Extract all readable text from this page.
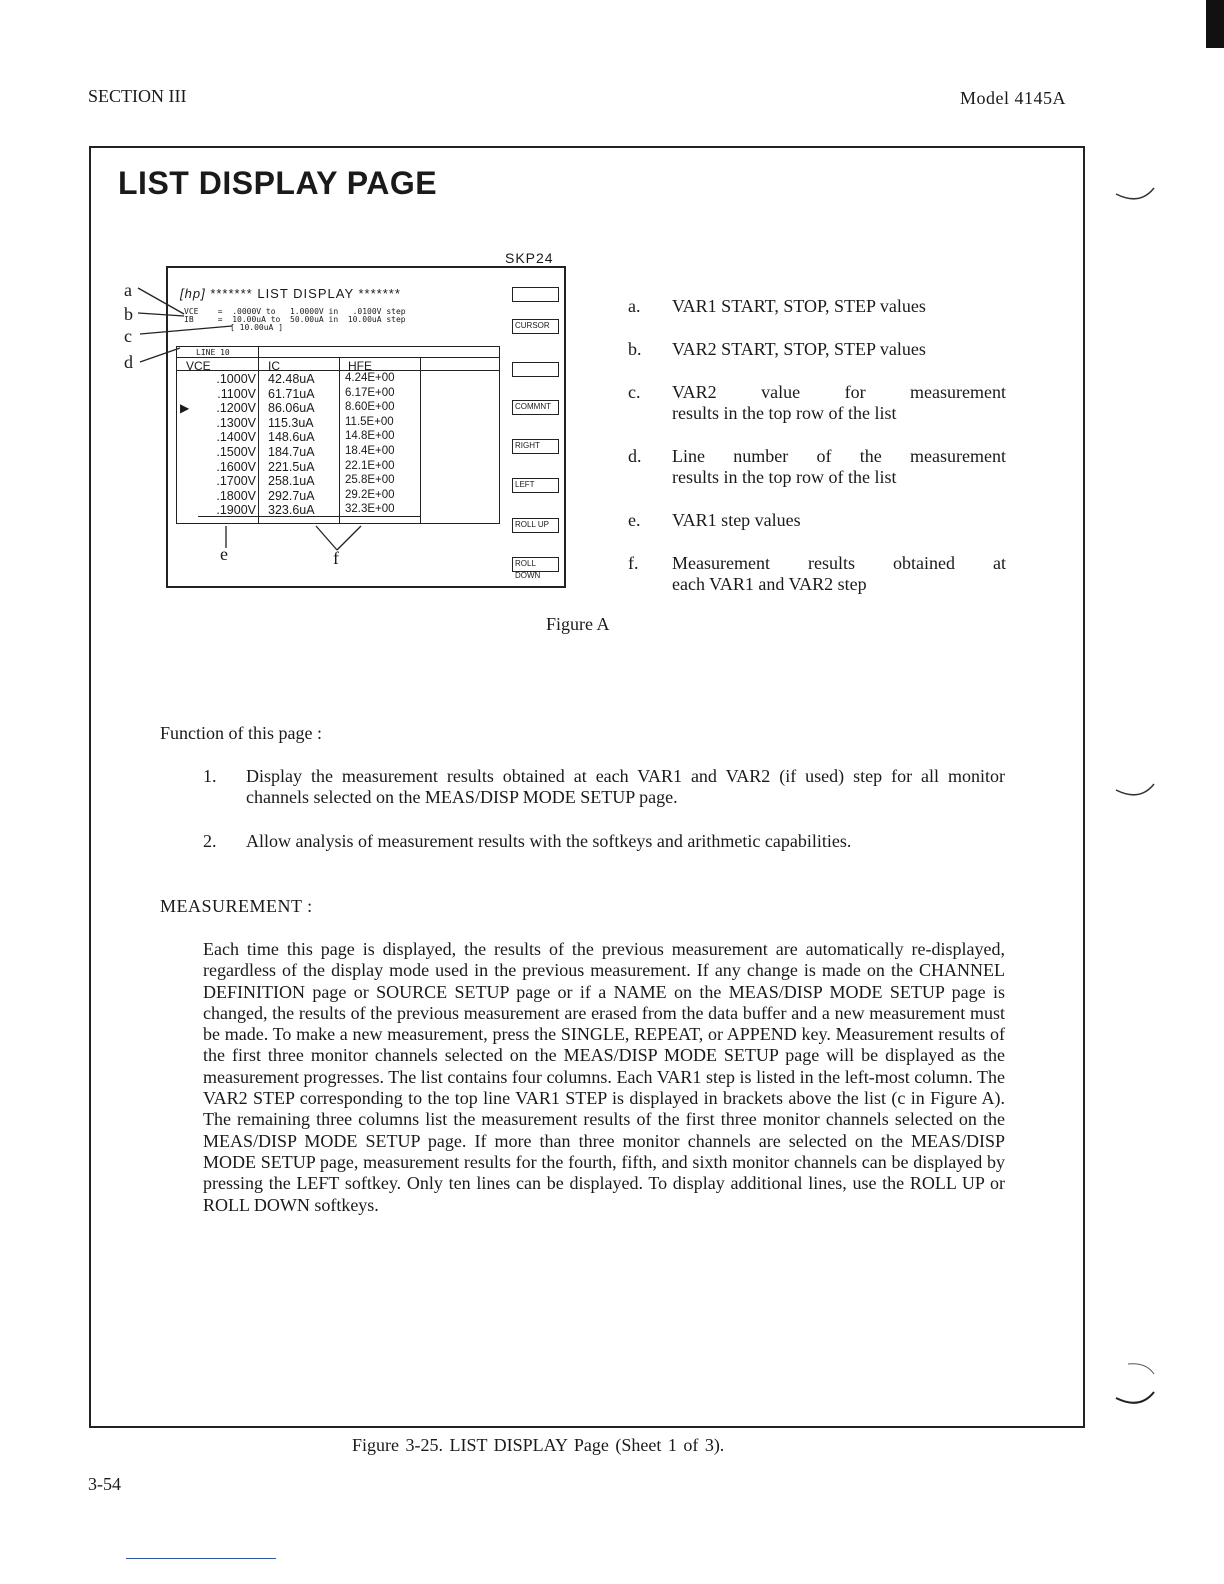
SECTION III	Model 4145A
LIST DISPLAY PAGE
SKP24
[hp] ******* LIST DISPLAY *******
VCE = .0000V to   1.0000V in   .0100V step
IB	= 10.00uA to  50.00uA in  10.00uA step
[ 10.00uA ]
LINE 10
VCE	IC	HFE
.1000V 42.48uA	4.24E+00
.1100V 61.71uA	6.17E+00
▶ .1200V 86.06uA	8.60E+00
.1300V 115.3uA	11.5E+00
.1400V 148.6uA	14.8E+00
.1500V 184.7uA	18.4E+00
.1600V 221.5uA	22.1E+00
.1700V 258.1uA	25.8E+00
.1800V 292.7uA	29.2E+00
.1900V 323.6uA	32.3E+00
CURSOR
COMMNT
RIGHT
LEFT
ROLL UP
ROLL DOWN
a
b
c
d
e	f
Figure A
a. VAR1 START, STOP, STEP values
b. VAR2 START, STOP, STEP values
c. VAR2 value for measurement
results in the top row of the list
d. Line number of the measurement
results in the top row of the list
e. VAR1 step values
f. Measurement results obtained at
each VAR1 and VAR2 step
Function of this page :
1. Display the measurement results obtained at each VAR1 and VAR2 (if used) step for all monitor channels selected on the MEAS/DISP MODE SETUP page.
2. Allow analysis of measurement results with the softkeys and arithmetic capabilities.
MEASUREMENT :
Each time this page is displayed, the results of the previous measurement are automatically re-displayed, regardless of the display mode used in the previous measurement. If any change is made on the CHANNEL DEFINITION page or SOURCE SETUP page or if a NAME on the MEAS/DISP MODE SETUP page is changed, the results of the previous measurement are erased from the data buffer and a new measurement must be made. To make a new measurement, press the SINGLE, REPEAT, or APPEND key. Measurement results of the first three monitor channels selected on the MEAS/DISP MODE SETUP page will be displayed as the measurement progresses. The list contains four columns. Each VAR1 step is listed in the left-most column. The VAR2 STEP corresponding to the top line VAR1 STEP is displayed in brackets above the list (c in Figure A). The remaining three columns list the measurement results of the first three monitor channels selected on the MEAS/DISP MODE SETUP page. If more than three monitor channels are selected on the MEAS/DISP MODE SETUP page, measurement results for the fourth, fifth, and sixth monitor channels can be displayed by pressing the LEFT softkey. Only ten lines can be displayed. To display additional lines, use the ROLL UP or ROLL DOWN softkeys.
Figure 3-25. LIST DISPLAY Page (Sheet 1 of 3).
3-54
